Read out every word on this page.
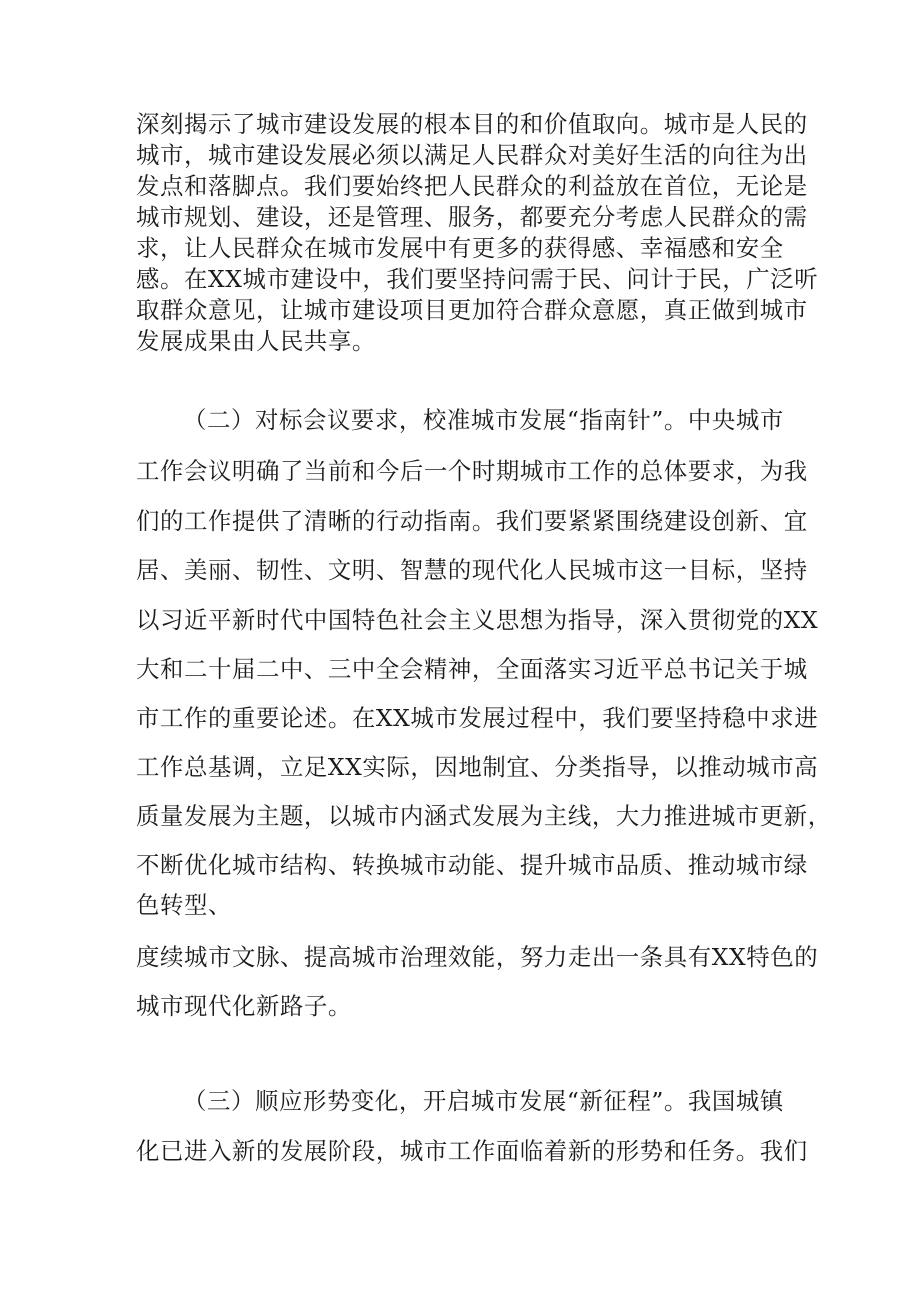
深刻揭示了城市建设发展的根本目的和价值取向。城市是人民的
城市，城市建设发展必须以满足人民群众对美好生活的向往为出
发点和落脚点。我们要始终把人民群众的利益放在首位，无论是
城市规划、建设，还是管理、服务，都要充分考虑人民群众的需
求，让人民群众在城市发展中有更多的获得感、幸福感和安全
感。在XX城市建设中，我们要坚持问需于民、问计于民，广泛听
取群众意见，让城市建设项目更加符合群众意愿，真正做到城市
发展成果由人民共享。
（二）对标会议要求，校准城市发展“指南针”。中央城市
工作会议明确了当前和今后一个时期城市工作的总体要求，为我
们的工作提供了清晰的行动指南。我们要紧紧围绕建设创新、宜
居、美丽、韧性、文明、智慧的现代化人民城市这一目标，坚持
以习近平新时代中国特色社会主义思想为指导，深入贯彻党的XX
大和二十届二中、三中全会精神，全面落实习近平总书记关于城
市工作的重要论述。在XX城市发展过程中，我们要坚持稳中求进
工作总基调，立足XX实际，因地制宜、分类指导，以推动城市高
质量发展为主题，以城市内涵式发展为主线，大力推进城市更新，
不断优化城市结构、转换城市动能、提升城市品质、推动城市绿
色转型、
度续城市文脉、提高城市治理效能，努力走出一条具有XX特色的
城市现代化新路子。
（三）顺应形势变化，开启城市发展“新征程”。我国城镇
化已进入新的发展阶段，城市工作面临着新的形势和任务。我们
